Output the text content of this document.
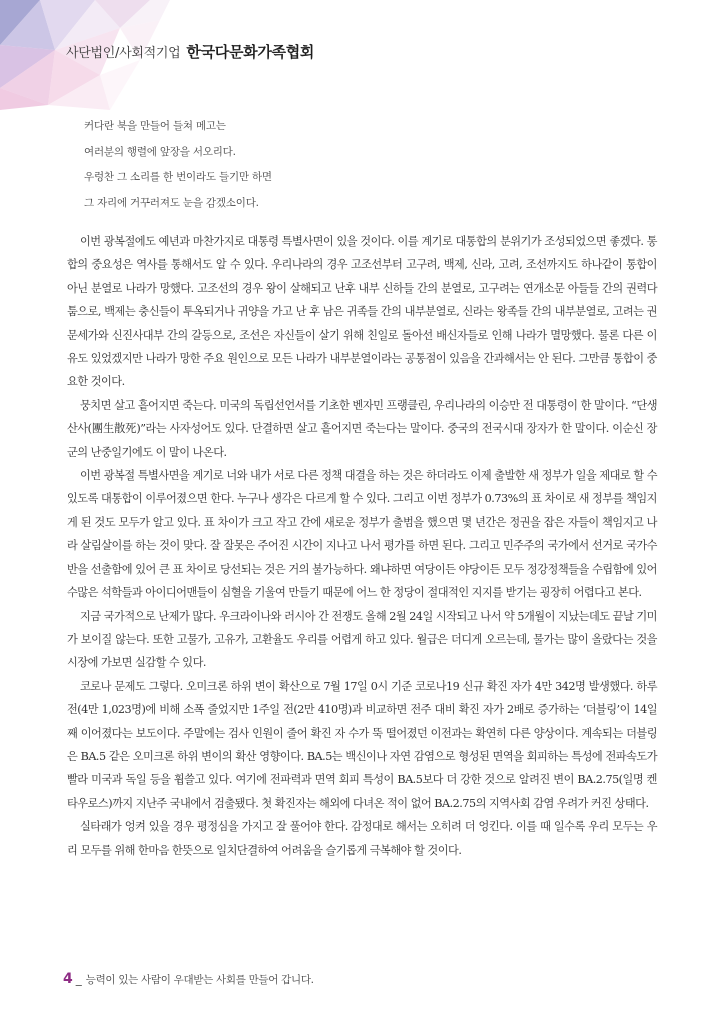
사단법인/사회적기업 한국다문화가족협회
커다란 북을 만들어 들쳐 메고는
여러분의 행렬에 앞장을 서오리다.
우렁찬 그 소리를 한 번이라도 들기만 하면
그 자리에 거꾸러져도 눈을 감겠소이다.

이번 광복절에도 예년과 마찬가지로 대통령 특별사면이 있을 것이다. 이를 계기로 대통합의 분위기가 조성되었으면 좋겠다. 통합의 중요성은 역사를 통해서도 알 수 있다. 우리나라의 경우 고조선부터 고구려, 백제, 신라, 고려, 조선까지도 하나같이 통합이 아닌 분열로 나라가 망했다. 고조선의 경우 왕이 살해되고 난후 내부 신하들 간의 분열로, 고구려는 연개소문 아들들 간의 권력다툼으로, 백제는 충신들이 투옥되거나 귀양을 가고 난 후 남은 귀족들 간의 내부분열로, 신라는 왕족들 간의 내부분열로, 고려는 권문세가와 신진사대부 간의 갈등으로, 조선은 자신들이 살기 위해 친일로 돌아선 배신자들로 인해 나라가 멸망했다. 물론 다른 이유도 있었겠지만 나라가 망한 주요 원인으로 모든 나라가 내부분열이라는 공통점이 있음을 간과해서는 안 된다. 그만큼 통합이 중요한 것이다.

뭉치면 살고 흩어지면 죽는다. 미국의 독립선언서를 기초한 벤자민 프랭클린, 우리나라의 이승만 전 대통령이 한 말이다. “단생산사(團生散死)”라는 사자성어도 있다. 단결하면 살고 흩어지면 죽는다는 말이다. 중국의 전국시대 장자가 한 말이다. 이순신 장군의 난중일기에도 이 말이 나온다.

이번 광복절 특별사면을 계기로 너와 내가 서로 다른 정책 대결을 하는 것은 하더라도 이제 출발한 새 정부가 일을 제대로 할 수 있도록 대통합이 이루어졌으면 한다. 누구나 생각은 다르게 할 수 있다. 그리고 이번 정부가 0.73%의 표 차이로 새 정부를 책임지게 된 것도 모두가 알고 있다. 표 차이가 크고 작고 간에 새로운 정부가 출범을 했으면 몇 년간은 정권을 잡은 자들이 책임지고 나라 살림살이를 하는 것이 맞다. 잘 잘못은 주어진 시간이 지나고 나서 평가를 하면 된다. 그리고 민주주의 국가에서 선거로 국가수반을 선출함에 있어 큰 표 차이로 당선되는 것은 거의 불가능하다. 왜냐하면 여당이든 야당이든 모두 정강정책들을 수립함에 있어 수많은 석학들과 아이디어맨들이 심혈을 기울여 만들기 때문에 어느 한 정당이 절대적인 지지를 받기는 굉장히 어렵다고 본다.

지금 국가적으로 난제가 많다. 우크라이나와 러시아 간 전쟁도 올해 2월 24일 시작되고 나서 약 5개월이 지났는데도 끝날 기미가 보이질 않는다. 또한 고물가, 고유가, 고환율도 우리를 어렵게 하고 있다. 월급은 더디게 오르는데, 물가는 많이 올랐다는 것을 시장에 가보면 실감할 수 있다.

코로나 문제도 그렇다. 오미크론 하위 변이 확산으로 7월 17일 0시 기준 코로나19 신규 확진 자가 4만 342명 발생했다. 하루 전(4만 1,023명)에 비해 소폭 줄었지만 1주일 전(2만 410명)과 비교하면 전주 대비 확진 자가 2배로 증가하는 ‘더블링’이 14일째 이어졌다는 보도이다. 주말에는 검사 인원이 줄어 확진 자 수가 뚝 떨어졌던 이전과는 확연히 다른 양상이다. 계속되는 더블링은 BA.5 같은 오미크론 하위 변이의 확산 영향이다. BA.5는 백신이나 자연 감염으로 형성된 면역을 회피하는 특성에 전파속도가 빨라 미국과 독일 등을 휩쓸고 있다. 여기에 전파력과 면역 회피 특성이 BA.5보다 더 강한 것으로 알려진 변이 BA.2.75(일명 켄타우로스)까지 지난주 국내에서 검출됐다. 첫 확진자는 해외에 다녀온 적이 없어 BA.2.75의 지역사회 감염 우려가 커진 상태다.

실타래가 엉켜 있을 경우 평정심을 가지고 잘 풀어야 한다. 감정대로 해서는 오히려 더 엉킨다. 이를 때 일수록 우리 모두는 우리 모두를 위해 한마음 한뜻으로 일치단결하여 어려움을 슬기롭게 극복해야 할 것이다.

4 _ 능력이 있는 사람이 우대받는 사회를 만들어 갑니다.
